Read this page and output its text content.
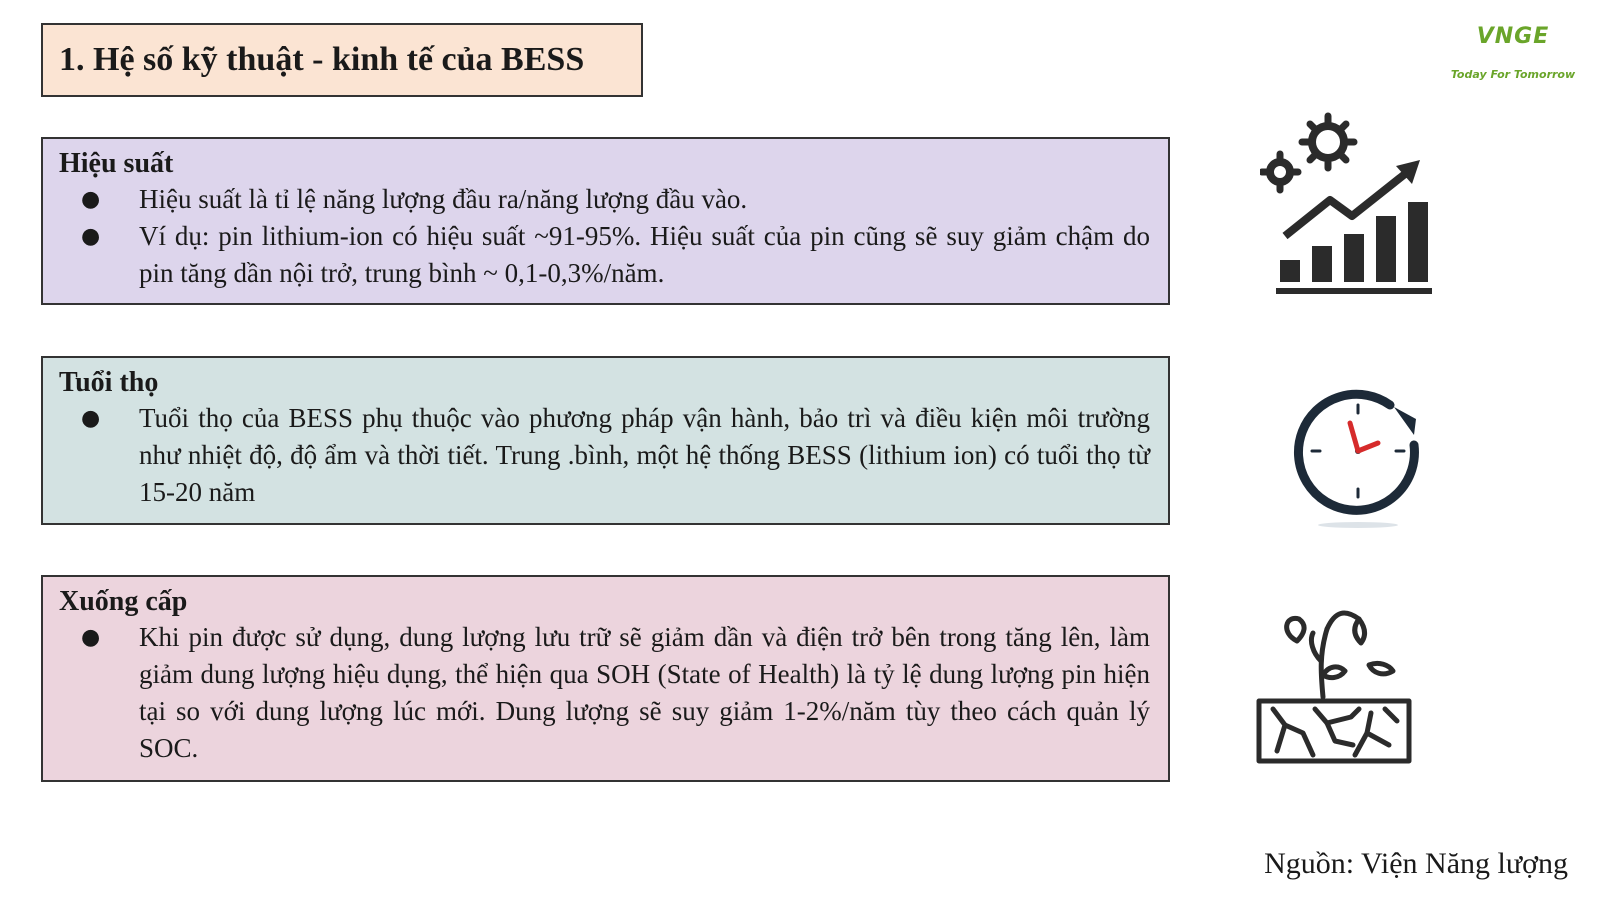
1. Hệ số kỹ thuật - kinh tế của BESS
VNGE
Today For Tomorrow
Hiệu suất
● Hiệu suất là tỉ lệ năng lượng đầu ra/năng lượng đầu vào.
● Ví dụ: pin lithium-ion có hiệu suất ~91-95%. Hiệu suất của pin cũng sẽ suy giảm chậm do pin tăng dần nội trở, trung bình ~ 0,1-0,3%/năm.
Tuổi thọ
● Tuổi thọ của BESS phụ thuộc vào phương pháp vận hành, bảo trì và điều kiện môi trường như nhiệt độ, độ ẩm và thời tiết. Trung .bình, một hệ thống BESS (lithium ion) có tuổi thọ từ 15-20 năm
Xuống cấp
● Khi pin được sử dụng, dung lượng lưu trữ sẽ giảm dần và điện trở bên trong tăng lên, làm giảm dung lượng hiệu dụng, thể hiện qua SOH (State of Health) là tỷ lệ dung lượng pin hiện tại so với dung lượng lúc mới. Dung lượng sẽ suy giảm 1-2%/năm tùy theo cách quản lý SOC.
Nguồn: Viện Năng lượng
